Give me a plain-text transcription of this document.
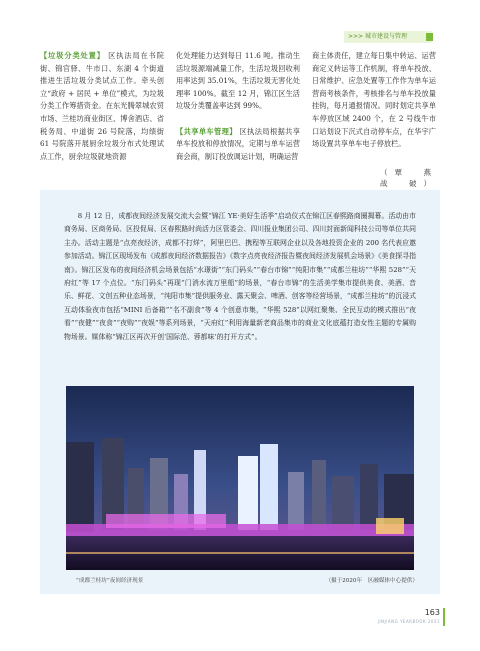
>>> 城市建设与管理
【垃圾分类处置】 区执法局在书院街、锦官驿、牛市口、东湖 4 个街道推进生活垃圾分类试点工作。牵头创立“政府 + 居民 + 单位”模式，为垃圾分类工作筹措资金。在东光腾翠城农贸市场、兰桂坊商业街区、博舍酒店、省税务局、中道街 26 号院落，均绩街 61 号院落开展厨余垃圾分布式处理试点工作，厨余垃圾就地资源
化处理能力达到每日 11.6 吨。推动生活垃圾源端减量工作，生活垃圾回收利用率达到 35.01%，生活垃圾无害化处理率 100%。截至 12 月，锦江区生活垃圾分类覆盖率达到 99%。

【共享单车管理】 区执法局根据共享单车投放和停放情况，定期与单车运营商会商，制订投放调运计划，明确运营
商主体责任，建立每日集中转运、运营商定义转运等工作机制，将单车投放、日常维护、应急处置等工作作为单车运营商考核条件，考核排名与单车投放量挂钩，每月通报情况。同时划定共享单车停放区域 2400 个，在 2 号线牛市口站划设下沉式自动停车点，在华宇广场设置共享单车电子停放栏。
（覃　燕　战　破）
8 月 12 日，成都夜间经济发展交流大会暨“锦江 YE·美好生活季”启动仪式在锦江区春熙路商圈揭幕。活动由市商务局、区商务局、区投促局、区春熙路时尚活力区管委会、四川报业集团公司、四川封面新闻科技公司等单位共同主办。活动主题是“点亮夜经济，成都不打烊”，阿里巴巴、携程等互联网企业以及各地投资企业的 200 名代表应邀参加活动。锦江区现场发布《成都夜间经济数据报告》《数字点亮夜经济报告暨夜间经济发展机会场景》《美食探寻指南》。锦江区发布的夜间经济机会场景包括“水璟街”“东门码头”“春台市锦”“纯阳市集”“成都兰桂坊”“华熙 528”“天府红”等 17 个点位。“东门码头”再现“门消水流万里船”的场景，“春台市锦”的生活美学集市提供美食、美酒、音乐、鲜花、文创五种业态场景，“纯阳市集”提供服务业、露天聚会、啤酒、创客等经营场景，“成都兰桂坊”的沉浸式互动体验夜市包括“MINI 后备箱”“名不副食”等 4 个创意市集，“华熙 528”以网红聚集、全民互动的模式推出“夜看”“夜健”“夜食”“夜购”“夜娱”等系列场景，“天府红”利用海量新老商品集市的商业文化底蕴打造女性主题的专属购物场景。媒体称“锦江区再次开创‘国际范、蓉都味’的打开方式”。
“成都兰桂坊”夜间经济现景	（摄于2020年　区融媒体中心提供）
163
JINJIANG YEARBOOK 2021
